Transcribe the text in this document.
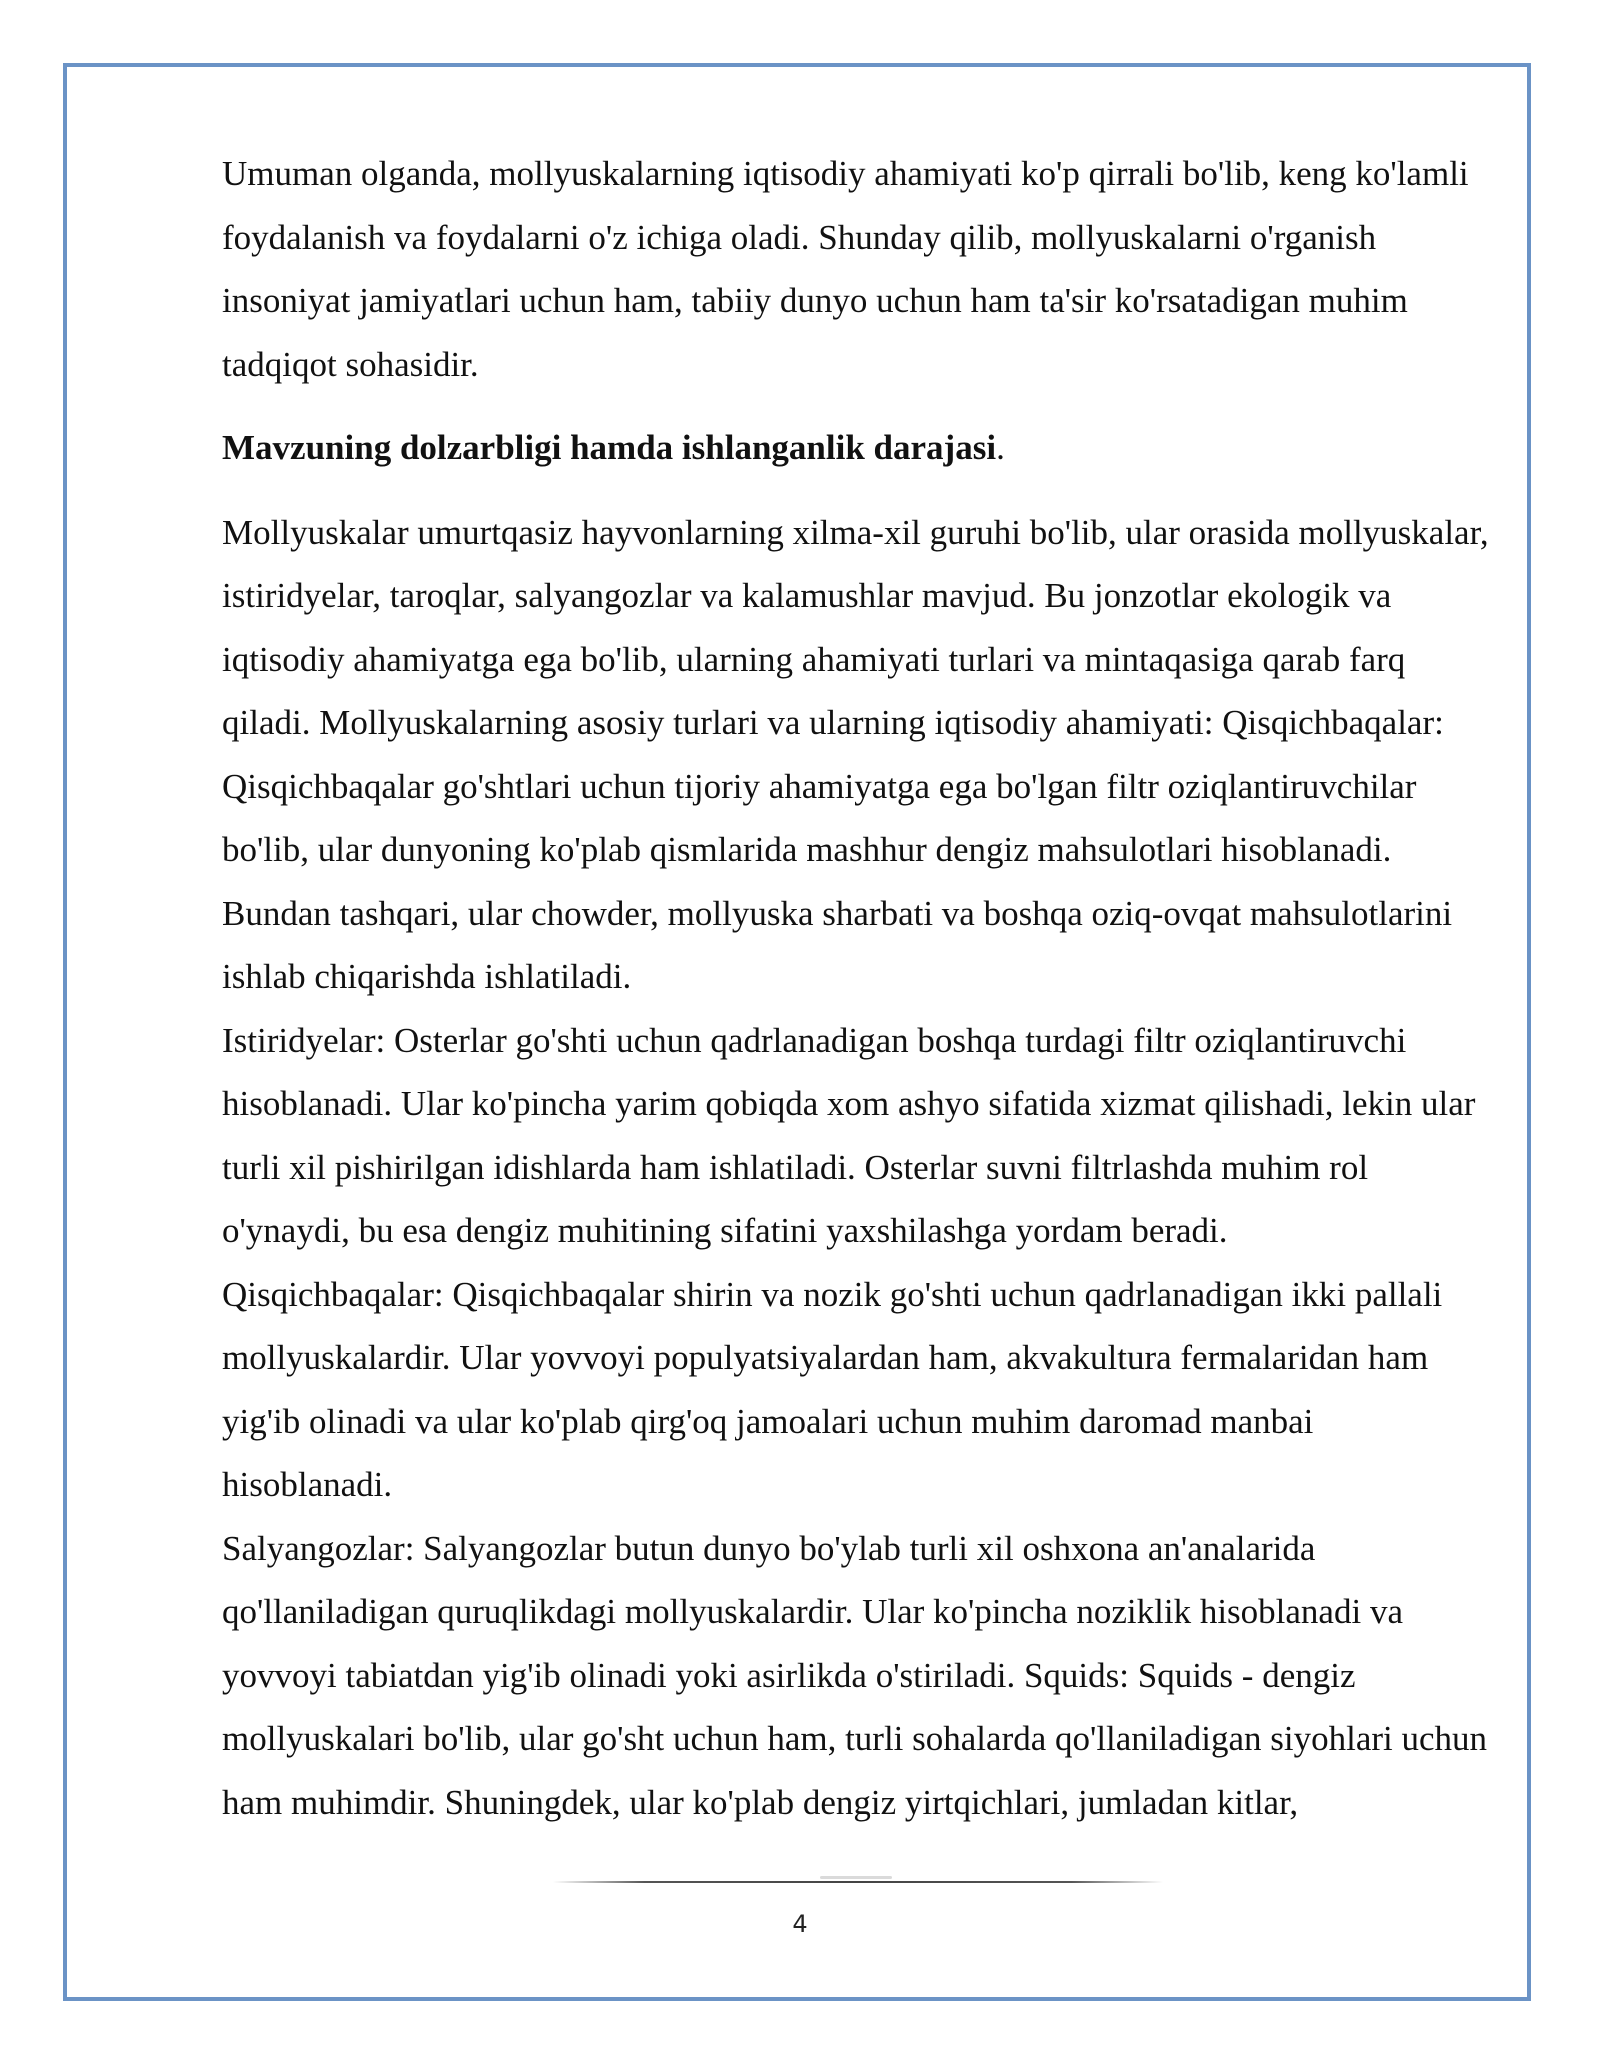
Umuman olganda, mollyuskalarning iqtisodiy ahamiyati ko'p qirrali bo'lib, keng ko'lamli foydalanish va foydalarni o'z ichiga oladi. Shunday qilib, mollyuskalarni o'rganish insoniyat jamiyatlari uchun ham, tabiiy dunyo uchun ham ta'sir ko'rsatadigan muhim tadqiqot sohasidir.

Mavzuning dolzarbligi hamda ishlanganlik darajasi.

Mollyuskalar umurtqasiz hayvonlarning xilma-xil guruhi bo'lib, ular orasida mollyuskalar, istiridyelar, taroqlar, salyangozlar va kalamushlar mavjud. Bu jonzotlar ekologik va iqtisodiy ahamiyatga ega bo'lib, ularning ahamiyati turlari va mintaqasiga qarab farq qiladi. Mollyuskalarning asosiy turlari va ularning iqtisodiy ahamiyati: Qisqichbaqalar: Qisqichbaqalar go'shtlari uchun tijoriy ahamiyatga ega bo'lgan filtr oziqlantiruvchilar bo'lib, ular dunyoning ko'plab qismlarida mashhur dengiz mahsulotlari hisoblanadi. Bundan tashqari, ular chowder, mollyuska sharbati va boshqa oziq-ovqat mahsulotlarini ishlab chiqarishda ishlatiladi.

Istiridyelar: Osterlar go'shti uchun qadrlanadigan boshqa turdagi filtr oziqlantiruvchi hisoblanadi. Ular ko'pincha yarim qobiqda xom ashyo sifatida xizmat qilishadi, lekin ular turli xil pishirilgan idishlarda ham ishlatiladi. Osterlar suvni filtrlashda muhim rol o'ynaydi, bu esa dengiz muhitining sifatini yaxshilashga yordam beradi.

Qisqichbaqalar: Qisqichbaqalar shirin va nozik go'shti uchun qadrlanadigan ikki pallali mollyuskalardir. Ular yovvoyi populyatsiyalardan ham, akvakultura fermalaridan ham yig'ib olinadi va ular ko'plab qirg'oq jamoalari uchun muhim daromad manbai hisoblanadi.

Salyangozlar: Salyangozlar butun dunyo bo'ylab turli xil oshxona an'analarida qo'llaniladigan quruqlikdagi mollyuskalardir. Ular ko'pincha noziklik hisoblanadi va yovvoyi tabiatdan yig'ib olinadi yoki asirlikda o'stiriladi. Squids: Squids - dengiz mollyuskalari bo'lib, ular go'sht uchun ham, turli sohalarda qo'llaniladigan siyohlari uchun ham muhimdir. Shuningdek, ular ko'plab dengiz yirtqichlari, jumladan kitlar,

4
